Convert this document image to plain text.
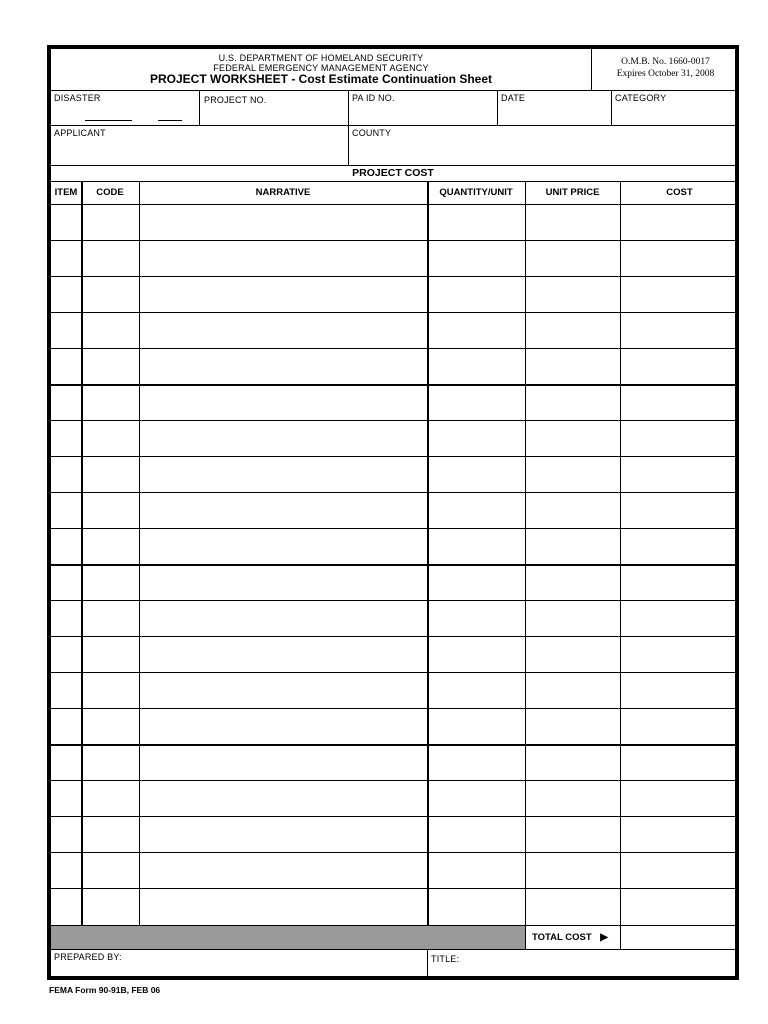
U.S. DEPARTMENT OF HOMELAND SECURITY
FEDERAL EMERGENCY MANAGEMENT AGENCY
PROJECT WORKSHEET - Cost Estimate Continuation Sheet
O.M.B. No. 1660-0017
Expires October 31, 2008
DISASTER	PROJECT NO.	PA ID NO.	DATE	CATEGORY
APPLICANT	COUNTY
PROJECT COST
ITEM	CODE	NARRATIVE	QUANTITY/UNIT	UNIT PRICE	COST
TOTAL COST ▶
PREPARED BY:	TITLE:
FEMA Form 90-91B, FEB 06
